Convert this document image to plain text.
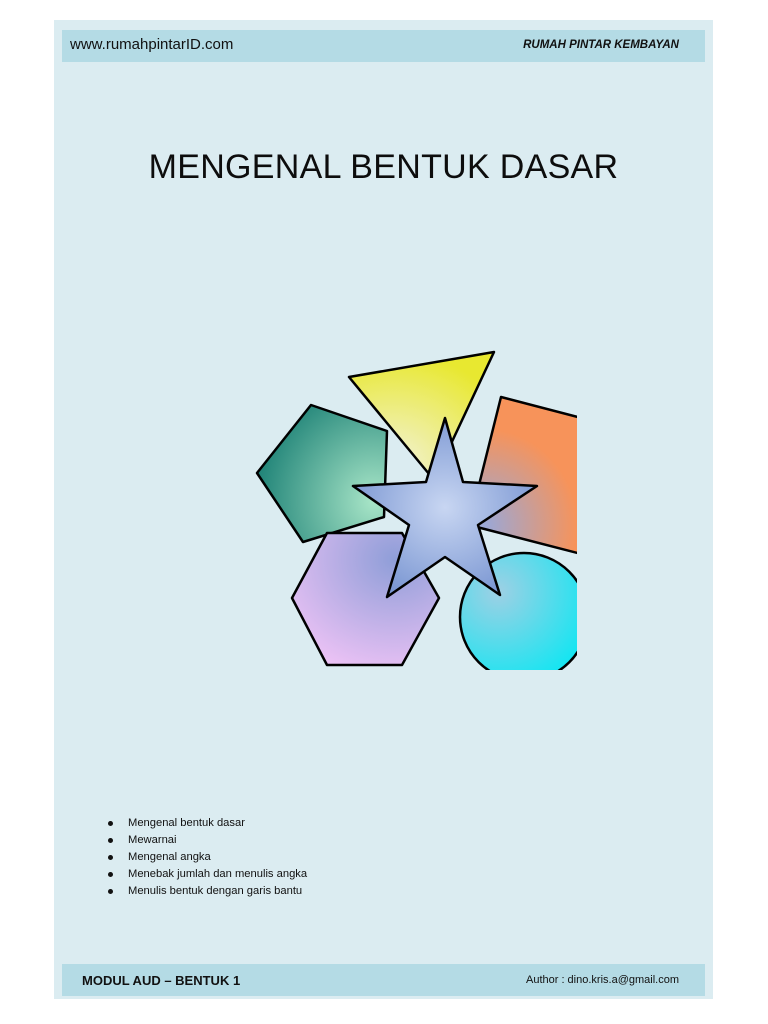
www.rumahpintarID.com	RUMAH PINTAR KEMBAYAN
MENGENAL BENTUK DASAR
Mengenal bentuk dasar
Mewarnai
Mengenal angka
Menebak jumlah dan menulis angka
Menulis bentuk dengan garis bantu
MODUL AUD – BENTUK 1	Author : dino.kris.a@gmail.com
